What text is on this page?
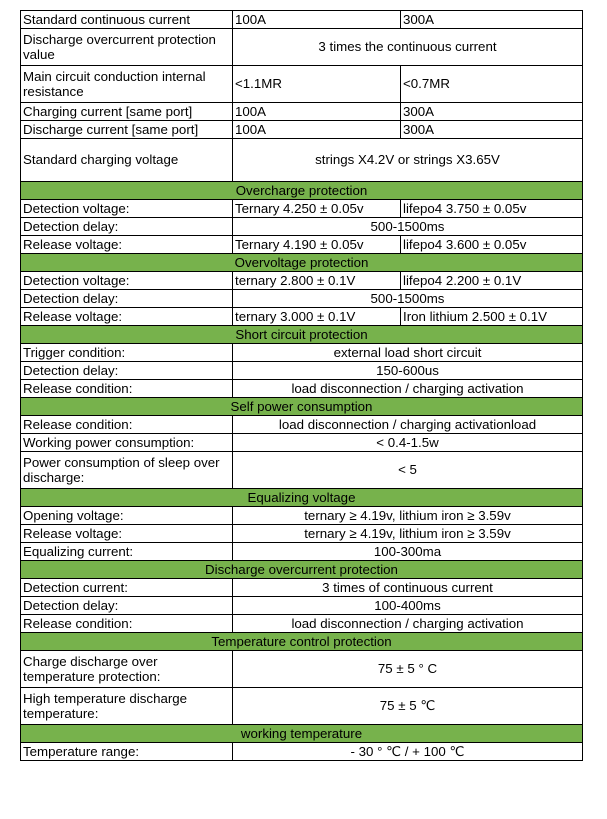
Standard continuous current	100A	300A
Discharge overcurrent protection value	3 times the continuous current	
Main circuit conduction internal resistance	<1.1MR	<0.7MR
Charging current [same port]	100A	300A
Discharge current [same port]	100A	300A
Standard charging voltage	strings X4.2V or strings X3.65V	
Overcharge protection		
Detection voltage:	Ternary 4.250 ± 0.05v	lifepo4 3.750 ± 0.05v
Detection delay:	500-1500ms	
Release voltage:	Ternary 4.190 ± 0.05v	lifepo4 3.600 ± 0.05v
Overvoltage protection		
Detection voltage:	ternary 2.800 ± 0.1V	lifepo4 2.200 ± 0.1V
Detection delay:	500-1500ms	
Release voltage:	ternary 3.000 ± 0.1V	Iron lithium 2.500 ± 0.1V
Short circuit protection		
Trigger condition:	external load short circuit	
Detection delay:	150-600us	
Release condition:	load disconnection / charging activation	
Self power consumption		
Release condition:	load disconnection / charging activationload	
Working power consumption:	< 0.4-1.5w	
Power consumption of sleep over discharge:	< 5	
Equalizing voltage		
Opening voltage:	ternary ≥ 4.19v, lithium iron ≥ 3.59v	
Release voltage:	ternary ≥ 4.19v, lithium iron ≥ 3.59v	
Equalizing current:	100-300ma	
Discharge overcurrent protection		
Detection current:	3 times of continuous current	
Detection delay:	100-400ms	
Release condition:	load disconnection / charging activation	
Temperature control protection		
Charge discharge over temperature protection:	75 ± 5 ° C	
High temperature discharge temperature:	75 ± 5 ℃	
working temperature		
Temperature range:	- 30 ° ℃ / + 100 ℃	
